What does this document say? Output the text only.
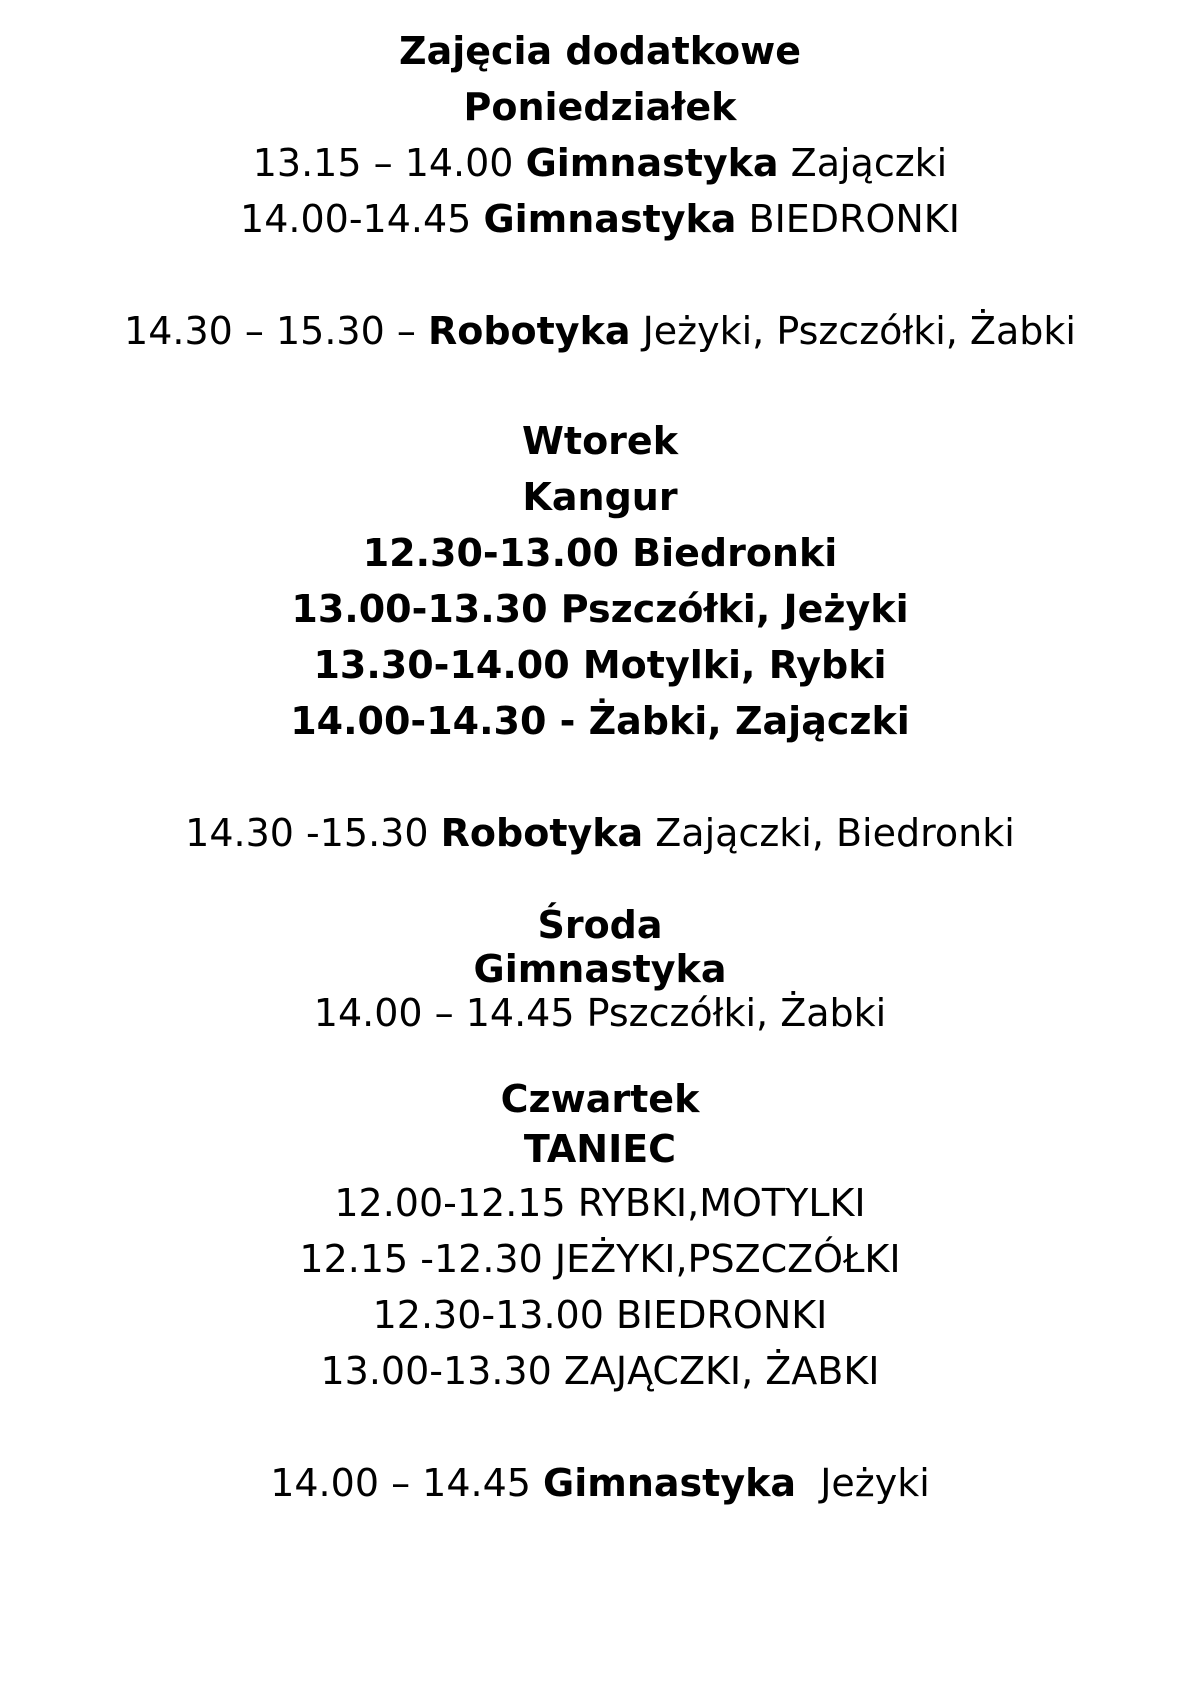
Zajęcia dodatkowe
Poniedziałek
13.15 – 14.00 Gimnastyka Zajączki
14.00-14.45 Gimnastyka BIEDRONKI
14.30 – 15.30 – Robotyka Jeżyki, Pszczółki, Żabki
Wtorek
Kangur
12.30-13.00 Biedronki
13.00-13.30 Pszczółki, Jeżyki
13.30-14.00 Motylki, Rybki
14.00-14.30 - Żabki, Zajączki
14.30 -15.30 Robotyka Zajączki, Biedronki
Środa
Gimnastyka
14.00 – 14.45 Pszczółki, Żabki
Czwartek
TANIEC
12.00-12.15 RYBKI,MOTYLKI
12.15 -12.30 JEŻYKI,PSZCZÓŁKI
12.30-13.00 BIEDRONKI
13.00-13.30 ZAJĄCZKI, ŻABKI
14.00 – 14.45 Gimnastyka Jeżyki
